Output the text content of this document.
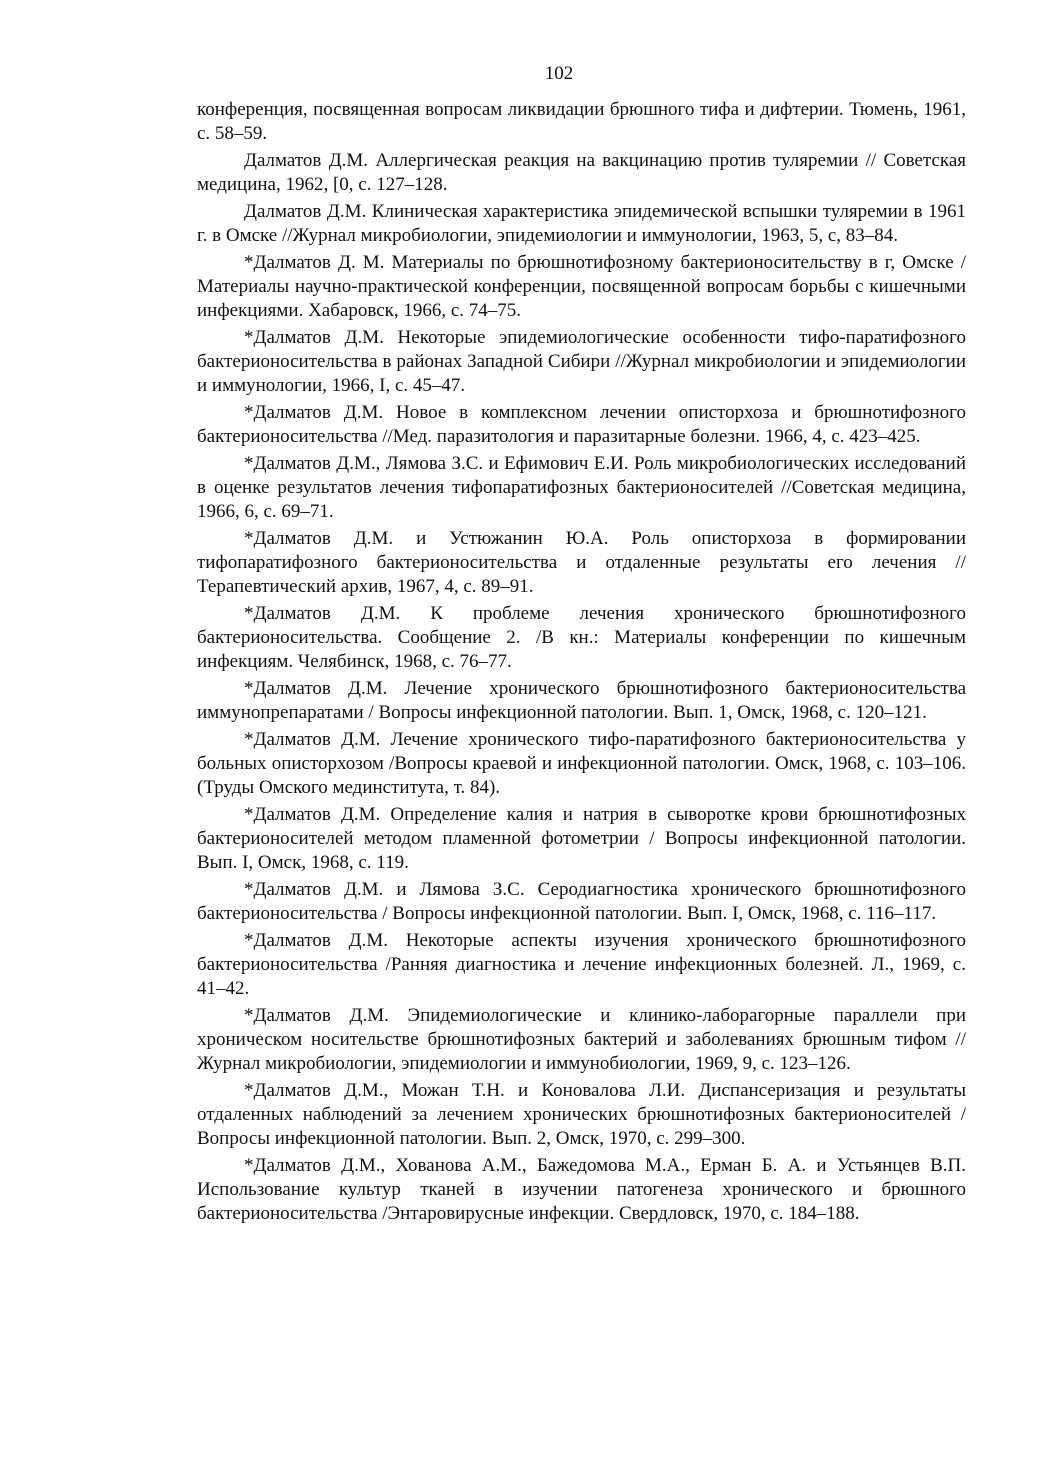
102

конференция, посвященная вопросам ликвидации брюшного тифа и дифтерии. Тюмень, 1961, с. 58–59.

Далматов Д.М. Аллергическая реакция на вакцинацию против туляремии // Советская медицина, 1962, [0, с. 127–128.

Далматов Д.М. Клиническая характеристика эпидемической вспышки туляремии в 1961 г. в Омске //Журнал микробиологии, эпидемиологии и иммунологии, 1963, 5, с, 83–84.

*Далматов Д. М. Материалы по брюшнотифозному бактерионосительству в г, Омске /Материалы научно-практической конференции, посвященной вопросам борьбы с кишечными инфекциями. Хабаровск, 1966, с. 74–75.

*Далматов Д.М. Некоторые эпидемиологические особенности тифо-паратифозного бактерионосительства в районах Западной Сибири //Журнал микробиологии и эпидемиологии и иммунологии, 1966, I, с. 45–47.

*Далматов Д.М. Новое в комплексном лечении описторхоза и брюшнотифозного бактерионосительства //Мед. паразитология и паразитарные болезни. 1966, 4, с. 423–425.

*Далматов Д.М., Лямова З.С. и Ефимович Е.И. Роль микробиологических исследований в оценке результатов лечения тифопаратифозных бактерионосителей //Советская медицина, 1966, 6, с. 69–71.

*Далматов Д.М. и Устюжанин Ю.А. Роль описторхоза в формировании тифопаратифозного бактерионосительства и отдаленные результаты его лечения // Терапевтический архив, 1967, 4, с. 89–91.

*Далматов Д.М. К проблеме лечения хронического брюшнотифозного бактерионосительства. Сообщение 2. /В кн.: Материалы конференции по кишечным инфекциям. Челябинск, 1968, с. 76–77.

*Далматов Д.М. Лечение хронического брюшнотифозного бактерионосительства иммунопрепаратами / Вопросы инфекционной патологии. Вып. 1, Омск, 1968, с. 120–121.

*Далматов Д.М. Лечение хронического тифо-паратифозного бактерионосительства у больных описторхозом /Вопросы краевой и инфекционной патологии. Омск, 1968, с. 103–106. (Труды Омского мединститута, т. 84).

*Далматов Д.М. Определение калия и натрия в сыворотке крови брюшнотифозных бактерионосителей методом пламенной фотометрии / Вопросы инфекционной патологии. Вып. I, Омск, 1968, с. 119.

*Далматов Д.М. и Лямова З.С. Серодиагностика хронического брюшнотифозного бактерионосительства / Вопросы инфекционной патологии. Вып. I, Омск, 1968, с. 116–117.

*Далматов Д.М. Некоторые аспекты изучения хронического брюшнотифозного бактерионосительства /Ранняя диагностика и лечение инфекционных болезней. Л., 1969, с. 41–42.

*Далматов Д.М. Эпидемиологические и клинико-лаборагорные параллели при хроническом носительстве брюшнотифозных бактерий и заболеваниях брюшным тифом //Журнал микробиологии, эпидемиологии и иммунобиологии, 1969, 9, с. 123–126.

*Далматов Д.М., Можан Т.Н. и Коновалова Л.И. Диспансеризация и результаты отдаленных наблюдений за лечением хронических брюшнотифозных бактерионосителей /Вопросы инфекционной патологии. Вып. 2, Омск, 1970, с. 299–300.

*Далматов Д.М., Хованова А.М., Бажедомова М.А., Ерман Б. А. и Устьянцев В.П. Использование культур тканей в изучении патогенеза хронического и брюшного бактерионосительства /Энтаровирусные инфекции. Свердловск, 1970, с. 184–188.
